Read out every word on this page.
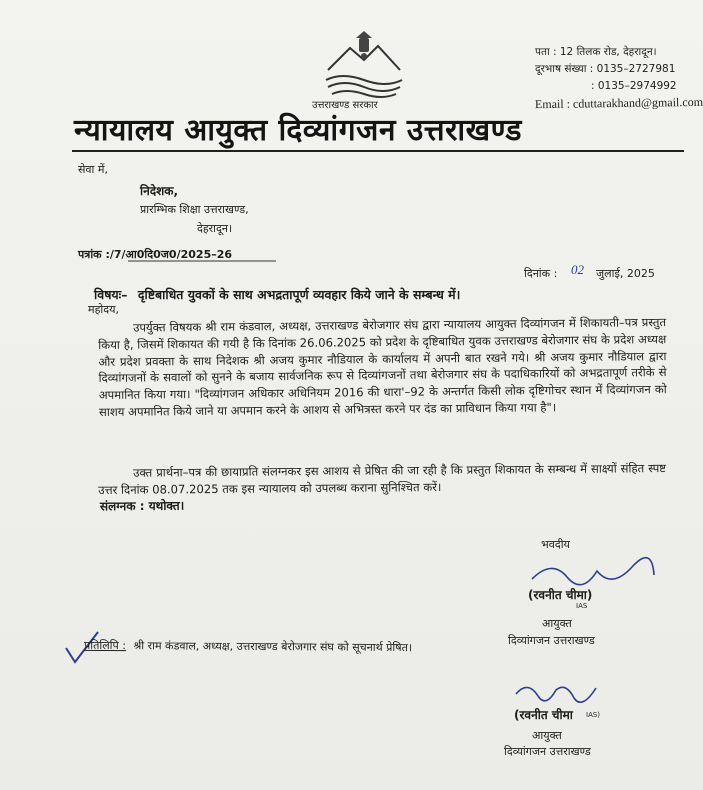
उत्तराखण्ड सरकार
पता : 12 तिलक रोड, देहरादून।
दूरभाष संख्या : 0135–2727981
: 0135–2974992
Email : cduttarakhand@gmail.com
न्यायालय आयुक्त दिव्यांगजन उत्तराखण्ड
सेवा में,
निदेशक,
प्रारम्भिक शिक्षा उत्तराखण्ड,
देहरादून।
पत्रांक :/7/आ0दि0ज0/2025–26
दिनांक : 02 जुलाई, 2025
विषयः– दृष्टिबाधित युवकों के साथ अभद्रतापूर्ण व्यवहार किये जाने के सम्बन्ध में।
महोदय,
उपर्युक्त विषयक श्री राम कंडवाल, अध्यक्ष, उत्तराखण्ड बेरोजगार संघ द्वारा न्यायालय आयुक्त दिव्यांगजन में शिकायती–पत्र प्रस्तुत किया है, जिसमें शिकायत की गयी है कि दिनांक 26.06.2025 को प्रदेश के दृष्टिबाधित युवक उत्तराखण्ड बेरोजगार संघ के प्रदेश अध्यक्ष और प्रदेश प्रवक्ता के साथ निदेशक श्री अजय कुमार नौडियाल के कार्यालय में अपनी बात रखने गये। श्री अजय कुमार नौडियाल द्वारा दिव्यांगजनों के सवालों को सुनने के बजाय सार्वजनिक रूप से दिव्यांगजनों तथा बेरोजगार संघ के पदाधिकारियों को अभद्रतापूर्ण तरीके से अपमानित किया गया। "दिव्यांगजन अधिकार अधिनियम 2016 की धारा'–92 के अन्तर्गत किसी लोक दृष्टिगोचर स्थान में दिव्यांगजन को साशय अपमानित किये जाने या अपमान करने के आशय से अभित्रस्त करने पर दंड का प्राविधान किया गया है"।
उक्त प्रार्थना–पत्र की छायाप्रति संलग्नकर इस आशय से प्रेषित की जा रही है कि प्रस्तुत शिकायत के सम्बन्ध में साक्ष्यों संहित स्पष्ट उत्तर दिनांक 08.07.2025 तक इस न्यायालय को उपलब्ध कराना सुनिश्चित करें।
संलग्नक : यथोक्त।
भवदीय
(रवनीत चीमा)
IAS
आयुक्त
दिव्यांगजन उत्तराखण्ड
प्रतिलिपि : श्री राम कंडवाल, अध्यक्ष, उत्तराखण्ड बेरोजगार संघ को सूचनार्थ प्रेषित।
(रवनीत चीमा IAS)
आयुक्त
दिव्यांगजन उत्तराखण्ड
